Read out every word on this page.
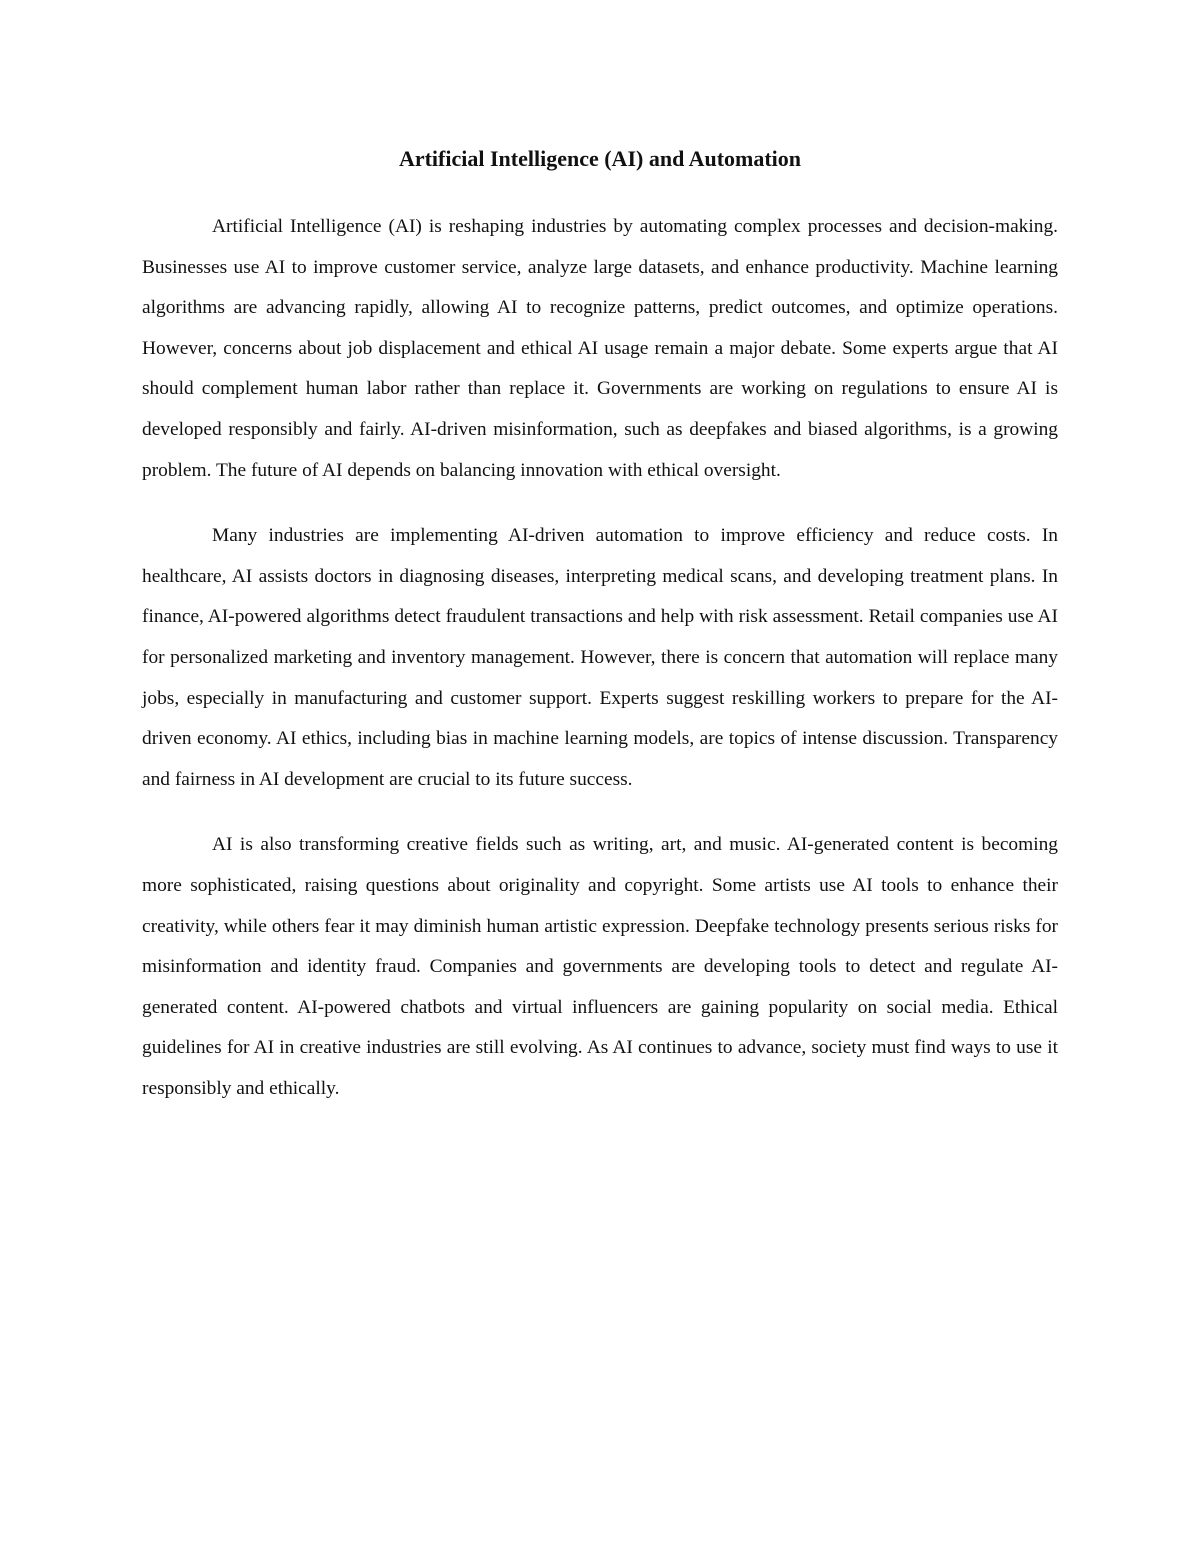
Artificial Intelligence (AI) and Automation

Artificial Intelligence (AI) is reshaping industries by automating complex processes and decision-making. Businesses use AI to improve customer service, analyze large datasets, and enhance productivity. Machine learning algorithms are advancing rapidly, allowing AI to recognize patterns, predict outcomes, and optimize operations. However, concerns about job displacement and ethical AI usage remain a major debate. Some experts argue that AI should complement human labor rather than replace it. Governments are working on regulations to ensure AI is developed responsibly and fairly. AI-driven misinformation, such as deepfakes and biased algorithms, is a growing problem. The future of AI depends on balancing innovation with ethical oversight.

Many industries are implementing AI-driven automation to improve efficiency and reduce costs. In healthcare, AI assists doctors in diagnosing diseases, interpreting medical scans, and developing treatment plans. In finance, AI-powered algorithms detect fraudulent transactions and help with risk assessment. Retail companies use AI for personalized marketing and inventory management. However, there is concern that automation will replace many jobs, especially in manufacturing and customer support. Experts suggest reskilling workers to prepare for the AI-driven economy. AI ethics, including bias in machine learning models, are topics of intense discussion. Transparency and fairness in AI development are crucial to its future success.

AI is also transforming creative fields such as writing, art, and music. AI-generated content is becoming more sophisticated, raising questions about originality and copyright. Some artists use AI tools to enhance their creativity, while others fear it may diminish human artistic expression. Deepfake technology presents serious risks for misinformation and identity fraud. Companies and governments are developing tools to detect and regulate AI-generated content. AI-powered chatbots and virtual influencers are gaining popularity on social media. Ethical guidelines for AI in creative industries are still evolving. As AI continues to advance, society must find ways to use it responsibly and ethically.
